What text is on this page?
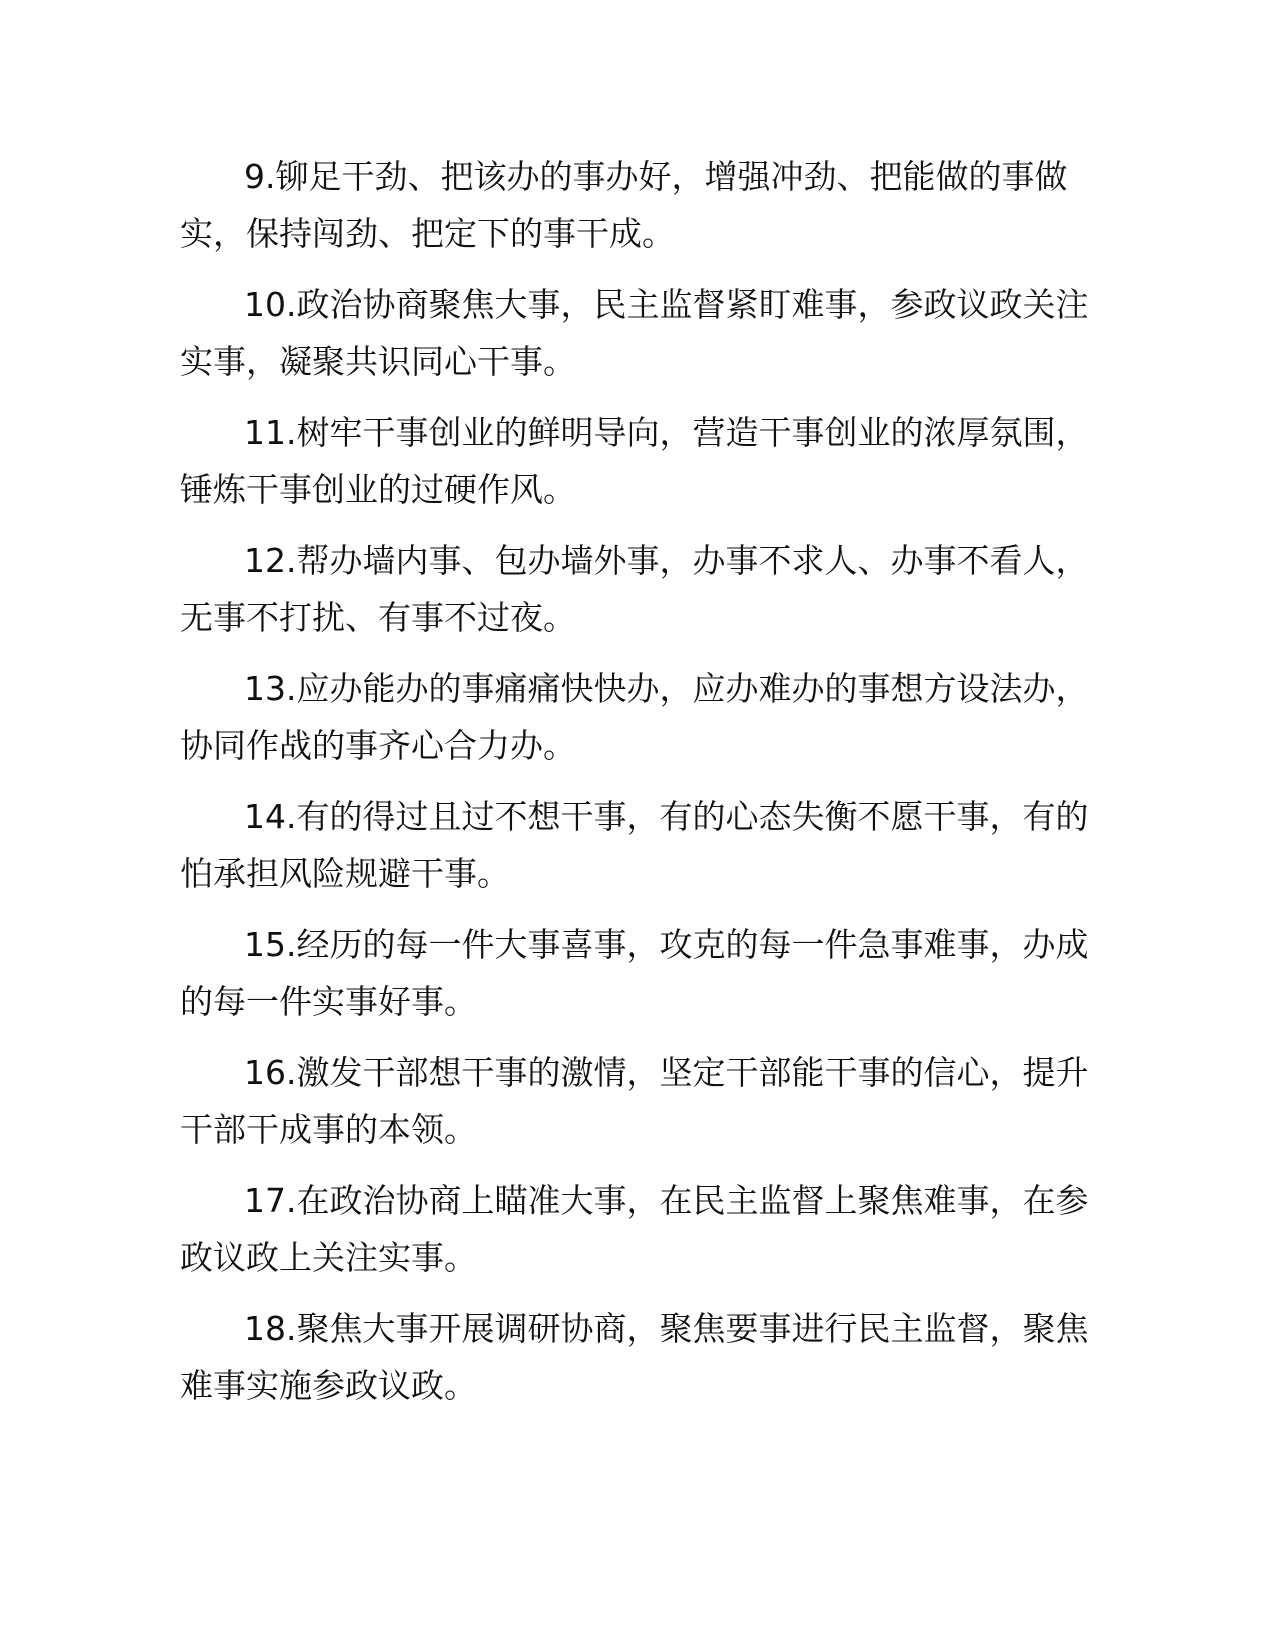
9.铆足干劲、把该办的事办好，增强冲劲、把能做的事做实，保持闯劲、把定下的事干成。

10.政治协商聚焦大事，民主监督紧盯难事，参政议政关注实事，凝聚共识同心干事。

11.树牢干事创业的鲜明导向，营造干事创业的浓厚氛围，锤炼干事创业的过硬作风。

12.帮办墙内事、包办墙外事，办事不求人、办事不看人，无事不打扰、有事不过夜。

13.应办能办的事痛痛快快办，应办难办的事想方设法办，协同作战的事齐心合力办。

14.有的得过且过不想干事，有的心态失衡不愿干事，有的怕承担风险规避干事。

15.经历的每一件大事喜事，攻克的每一件急事难事，办成的每一件实事好事。

16.激发干部想干事的激情，坚定干部能干事的信心，提升干部干成事的本领。

17.在政治协商上瞄准大事，在民主监督上聚焦难事，在参政议政上关注实事。

18.聚焦大事开展调研协商，聚焦要事进行民主监督，聚焦难事实施参政议政。
